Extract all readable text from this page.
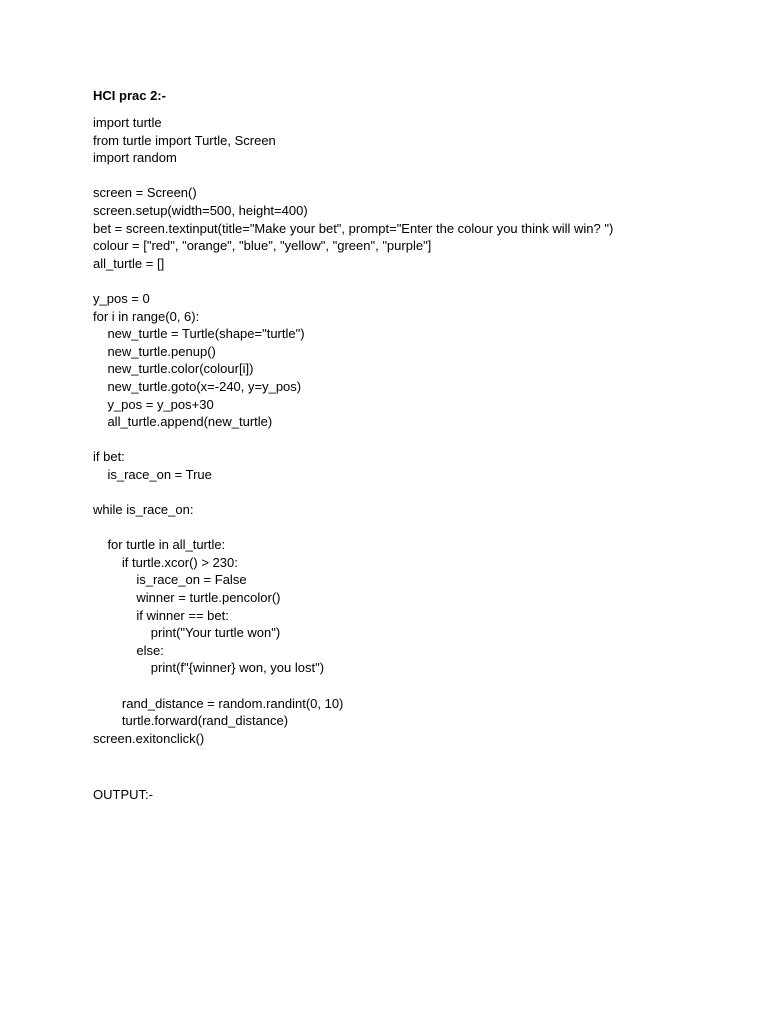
HCI prac 2:-
import turtle
from turtle import Turtle, Screen
import random
screen = Screen()
screen.setup(width=500, height=400)
bet = screen.textinput(title="Make your bet", prompt="Enter the colour you think will win? ")
colour = ["red", "orange", "blue", "yellow", "green", "purple"]
all_turtle = []
y_pos = 0
for i in range(0, 6):
new_turtle = Turtle(shape="turtle")
new_turtle.penup()
new_turtle.color(colour[i])
new_turtle.goto(x=-240, y=y_pos)
y_pos = y_pos+30
all_turtle.append(new_turtle)
if bet:
is_race_on = True
while is_race_on:
for turtle in all_turtle:
if turtle.xcor() > 230:
is_race_on = False
winner = turtle.pencolor()
if winner == bet:
print("Your turtle won")
else:
print(f"{winner} won, you lost")
rand_distance = random.randint(0, 10)
turtle.forward(rand_distance)
screen.exitonclick()
OUTPUT:-
